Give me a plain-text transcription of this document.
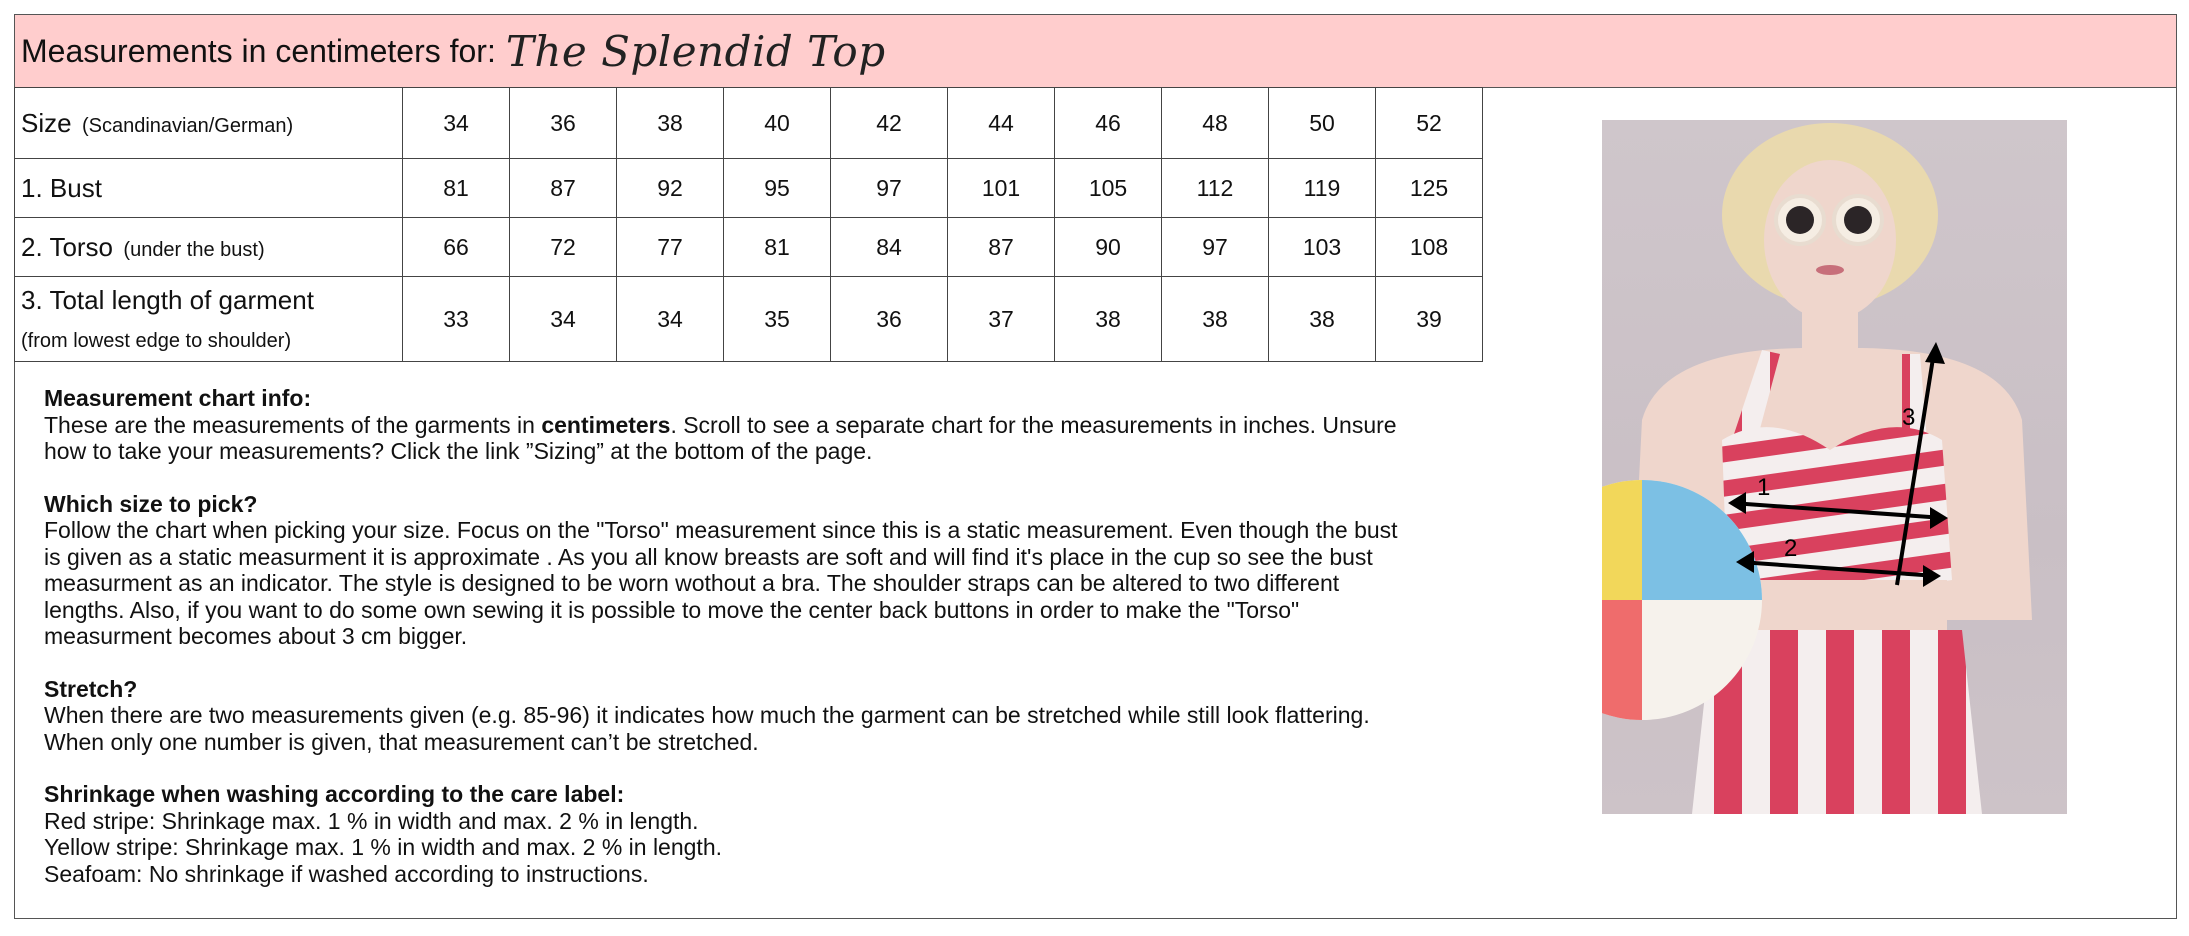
Measurements in centimeters for: The Splendid Top
Size (Scandinavian/German)	34	36	38	40	42	44	46	48	50	52
1. Bust	81	87	92	95	97	101	105	112	119	125
2. Torso (under the bust)	66	72	77	81	84	87	90	97	103	108

3. Total length of garment
(from lowest edge to shoulder)	33	34	34	35	36	37	38	38	38	39

Measurement chart info:
These are the measurements of the garments in centimeters. Scroll to see a separate chart for the measurements in inches. Unsure
how to take your measurements? Click the link ”Sizing” at the bottom of the page.

Which size to pick?
Follow the chart when picking your size. Focus on the "Torso" measurement since this is a static measurement. Even though the bust
is given as a static measurment it is approximate . As you all know breasts are soft and will find it's place in the cup so see the bust
measurment as an indicator. The style is designed to be worn wothout a bra. The shoulder straps can be altered to two different
lengths. Also, if you want to do some own sewing it is possible to move the center back buttons in order to make the "Torso"
measurment becomes about 3 cm bigger.

Stretch?
When there are two measurements given (e.g. 85-96) it indicates how much the garment can be stretched while still look flattering.
When only one number is given, that measurement can’t be stretched.

Shrinkage when washing according to the care label:
Red stripe: Shrinkage max. 1 % in width and max. 2 % in length.
Yellow stripe: Shrinkage max. 1 % in width and max. 2 % in length.
Seafoam: No shrinkage if washed according to instructions.

1
2
3
